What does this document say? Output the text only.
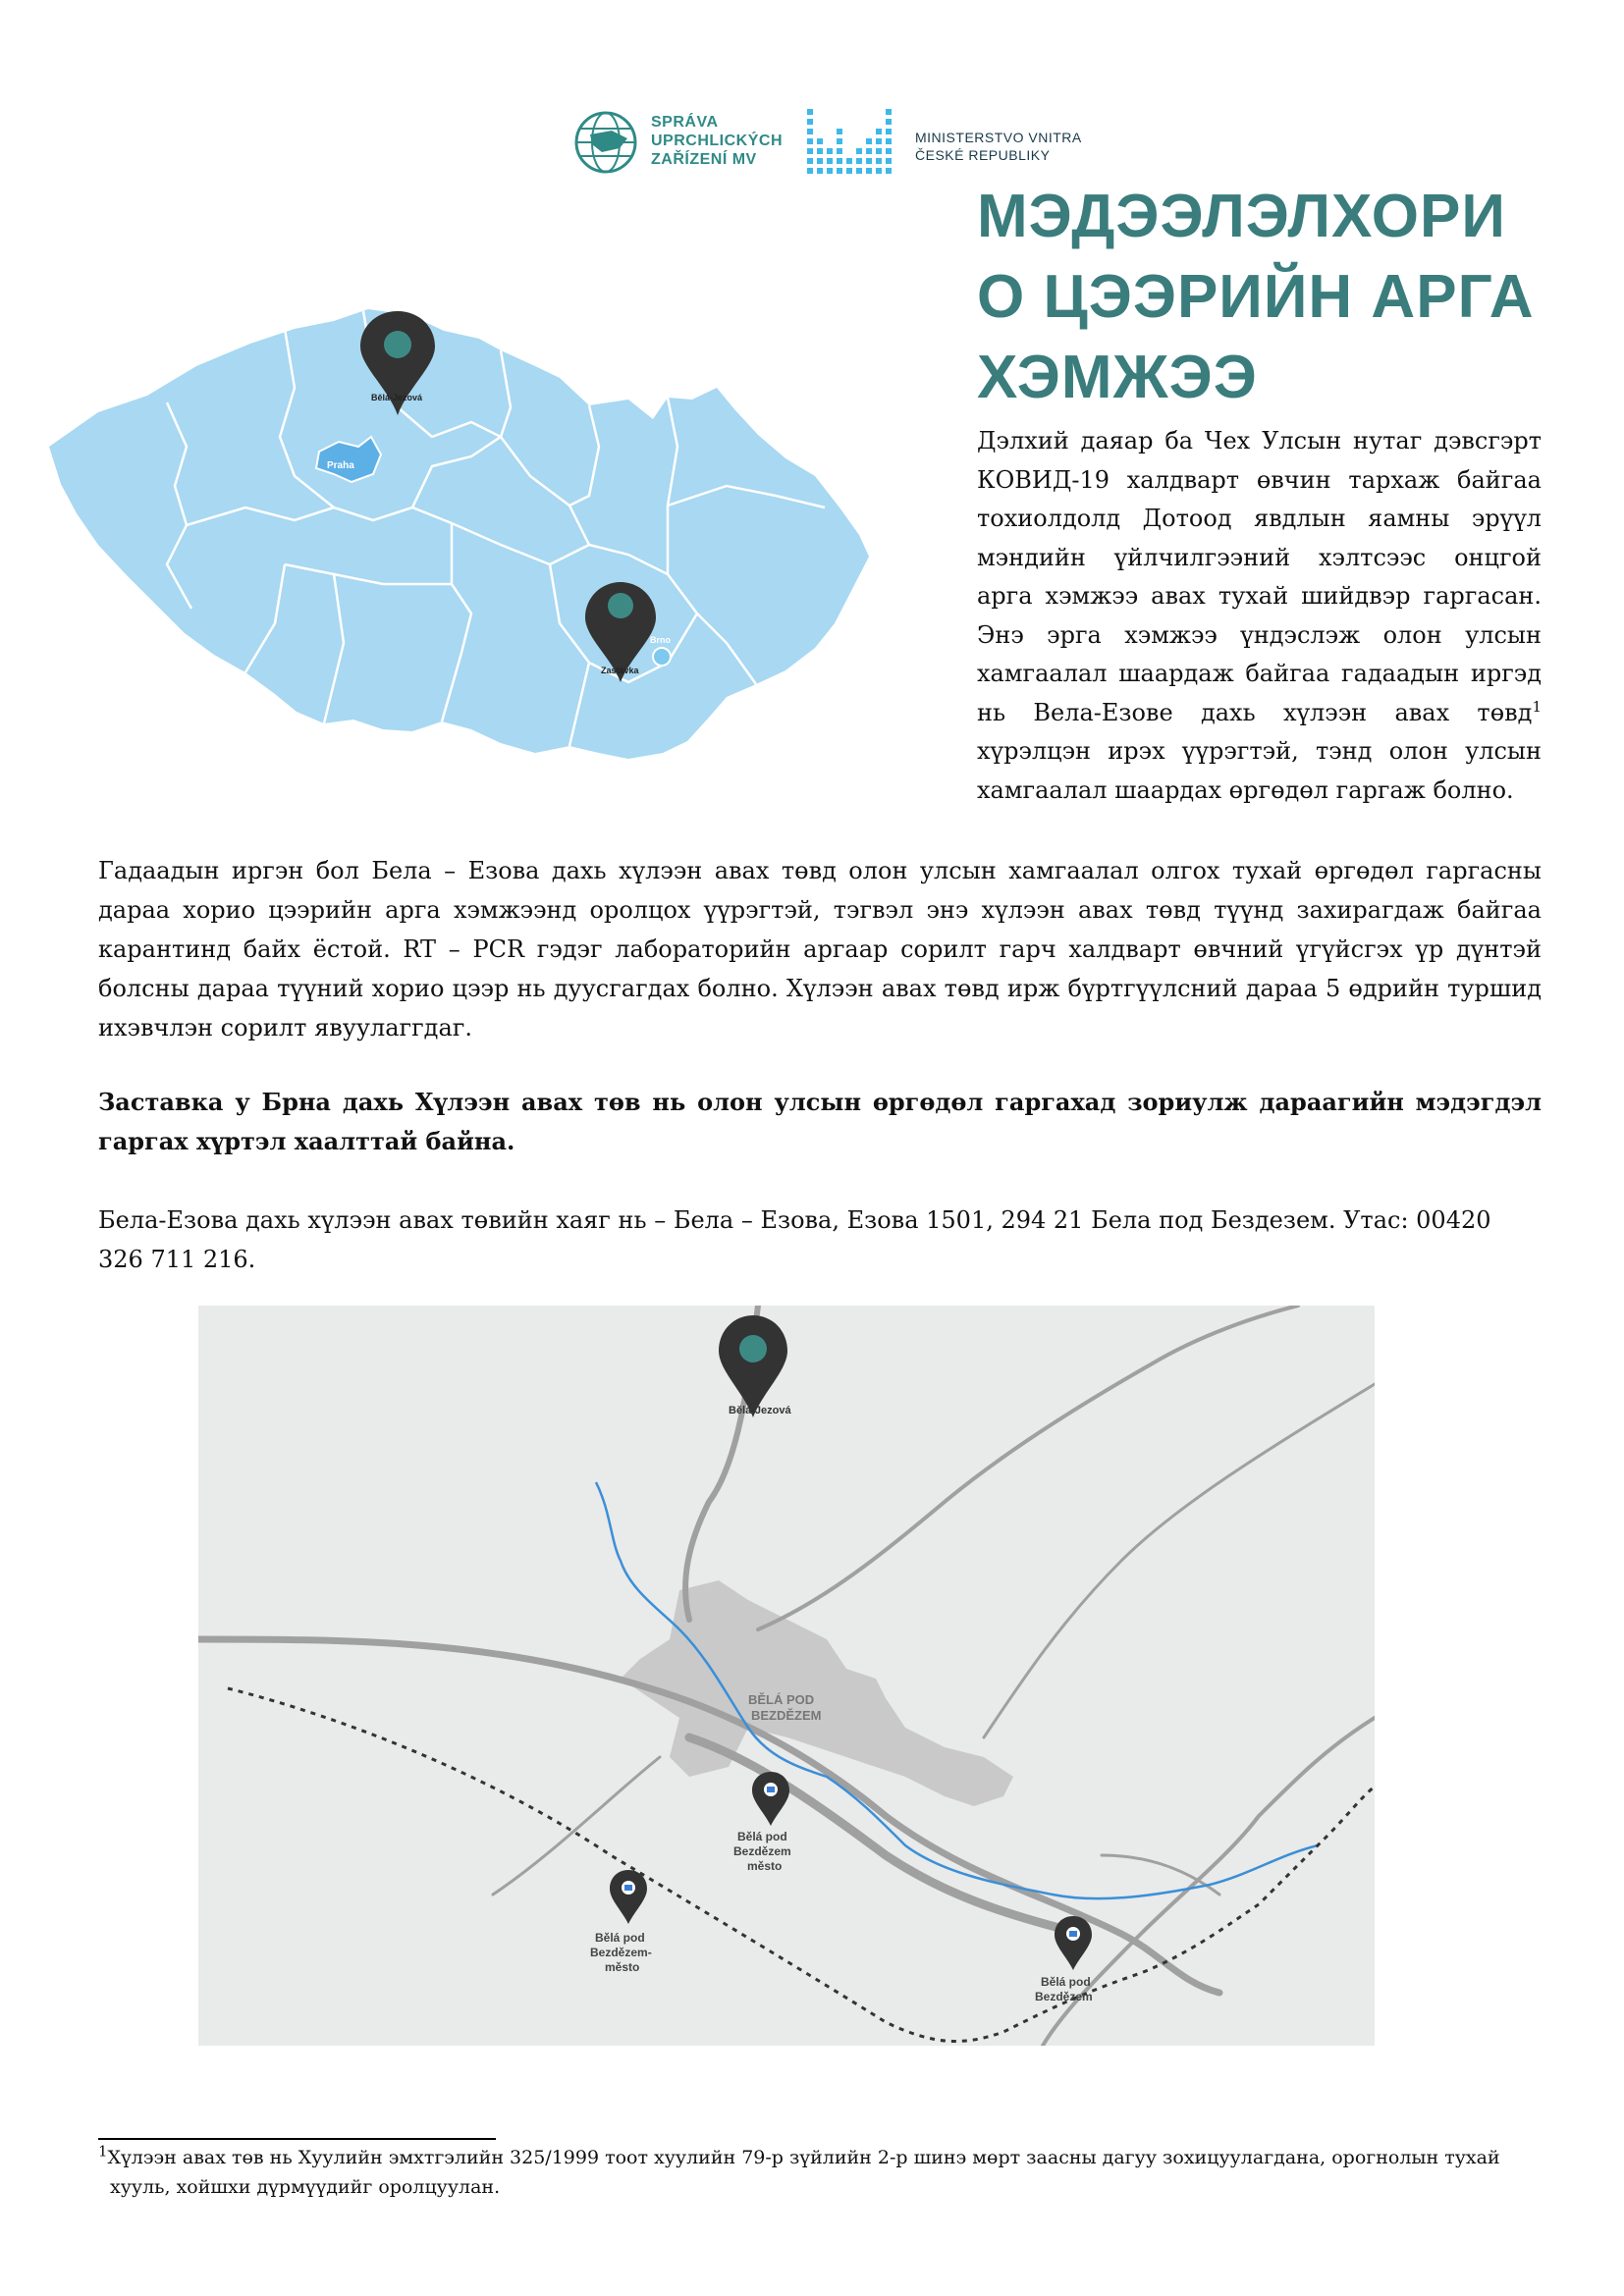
SPRÁVA
UPRCHLICKÝCH
ZAŘÍZENÍ MV
MINISTERSTVO VNITRA
ČESKÉ REPUBLIKY
Praha
Bělá-Jezová
Zastávka
Brno
МЭДЭЭЛЭЛХОРИ
О ЦЭЭРИЙН АРГА
ХЭМЖЭЭ
Дэлхий даяар ба Чех Улсын нутаг дэвсгэрт КОВИД-19 халдварт өвчин тархаж байгаа тохиолдолд Дотоод явдлын яамны эрүүл мэндийн үйлчилгээний хэлтсээс онцгой арга хэмжээ авах тухай шийдвэр гаргасан. Энэ эрга хэмжээ үндэслэж олон улсын хамгаалал шаардаж байгаа гадаадын иргэд нь Вела-Езове дахь хүлээн авах төвд$^1$ хүрэлцэн ирэх үүрэгтэй, тэнд олон улсын хамгаалал шаардах өргөдөл гаргаж болно.
Гадаадын иргэн бол Бела – Езова дахь хүлээн авах төвд олон улсын хамгаалал олгох тухай өргөдөл гаргасны дараа хорио цээрийн арга хэмжээнд оролцох үүрэгтэй, тэгвэл энэ хүлээн авах төвд түүнд захирагдаж байгаа карантинд байх ёстой. RT – PCR гэдэг лабораторийн аргаар сорилт гарч халдварт өвчний үгүйсгэх үр дүнтэй болсны дараа түүний хорио цээр нь дуусгагдах болно. Хүлээн авах төвд ирж бүртгүүлсний дараа 5 өдрийн туршид ихэвчлэн сорилт явуулаггдаг.
Заставка у Брна дахь Хүлээн авах төв нь олон улсын өргөдөл гаргахад зориулж дараагийн мэдэгдэл гаргах хүртэл хаалттай байна.
Бела-Езова дахь хүлээн авах төвийн хаяг нь – Бела – Езова, Езова 1501, 294 21 Бела под Бездезем. Утас: 00420 326 711 216.
Bělá-Jezová
BĚLÁ POD
BEZDĚZEM
Bělá pod
Bezdězem
město
Bělá pod
Bezdězem-
město
Bělá pod
Bezdězem
$^1$Хүлээн авах төв нь Хуулийн эмхтгэлийн 325/1999 тоот хуулийн 79-р зүйлийн 2-р шинэ мөрт заасны дагуу зохицуулагдана, орогнолын тухай
хууль, хойшхи дүрмүүдийг оролцуулан.
